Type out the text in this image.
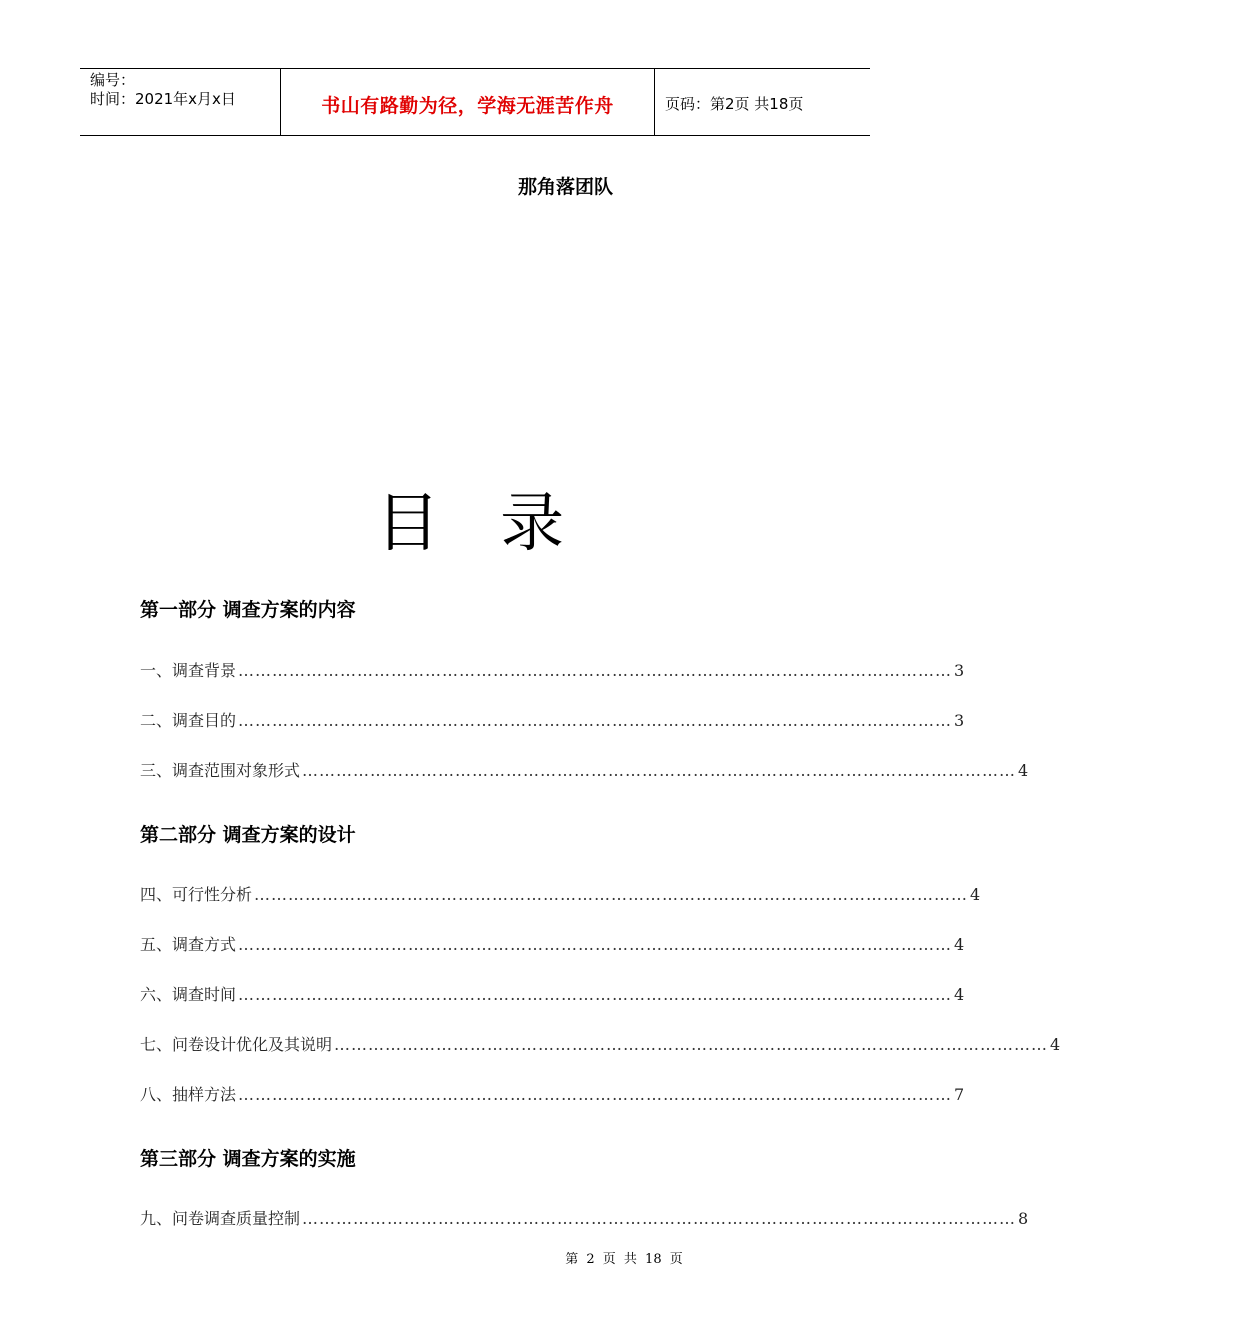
编号：
时间：2021年x月x日	书山有路勤为径，学海无涯苦作舟	页码：第2页 共18页
那角落团队
目 录
第一部分 调查方案的内容
一、调查背景 ……………………………………………………………………………………………………………… 3
二、调查目的 ……………………………………………………………………………………………………………… 3
三、调查范围对象形式 ……………………………………………………………………………………………………………… 4
第二部分 调查方案的设计
四、可行性分析 ……………………………………………………………………………………………………………… 4
五、调查方式 ……………………………………………………………………………………………………………… 4
六、调查时间 ……………………………………………………………………………………………………………… 4
七、问卷设计优化及其说明 ……………………………………………………………………………………………………………… 4
八、抽样方法 ……………………………………………………………………………………………………………… 7
第三部分 调查方案的实施
九、问卷调查质量控制 ……………………………………………………………………………………………………………… 8
第 2 页 共 18 页
